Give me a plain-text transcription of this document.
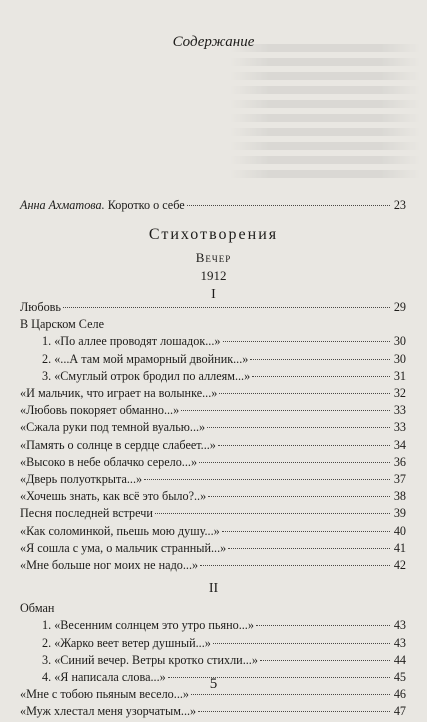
Содержание
Анна Ахматова. Коротко о себе	23
Стихотворения
Вечер
1912
I
Любовь	29
В Царском Селе
1. «По аллее проводят лошадок...»	30
2. «...А там мой мраморный двойник...»	30
3. «Смуглый отрок бродил по аллеям...»	31
«И мальчик, что играет на волынке...»	32
«Любовь покоряет обманно...»	33
«Сжала руки под темной вуалью...»	33
«Память о солнце в сердце слабеет...»	34
«Высоко в небе облачко серело...»	36
«Дверь полуоткрыта...»	37
«Хочешь знать, как всё это было?..»	38
Песня последней встречи	39
«Как соломинкой, пьешь мою душу...»	40
«Я сошла с ума, о мальчик странный...»	41
«Мне больше ног моих не надо...»	42
II
Обман
1. «Весенним солнцем это утро пьяно...»	43
2. «Жарко веет ветер душный...»	43
3. «Синий вечер. Ветры кроткo стихли...»	44
4. «Я написала слова...»	45
«Мне с тобою пьяным весело...»	46
«Муж хлестал меня узорчатым...»	47
5
